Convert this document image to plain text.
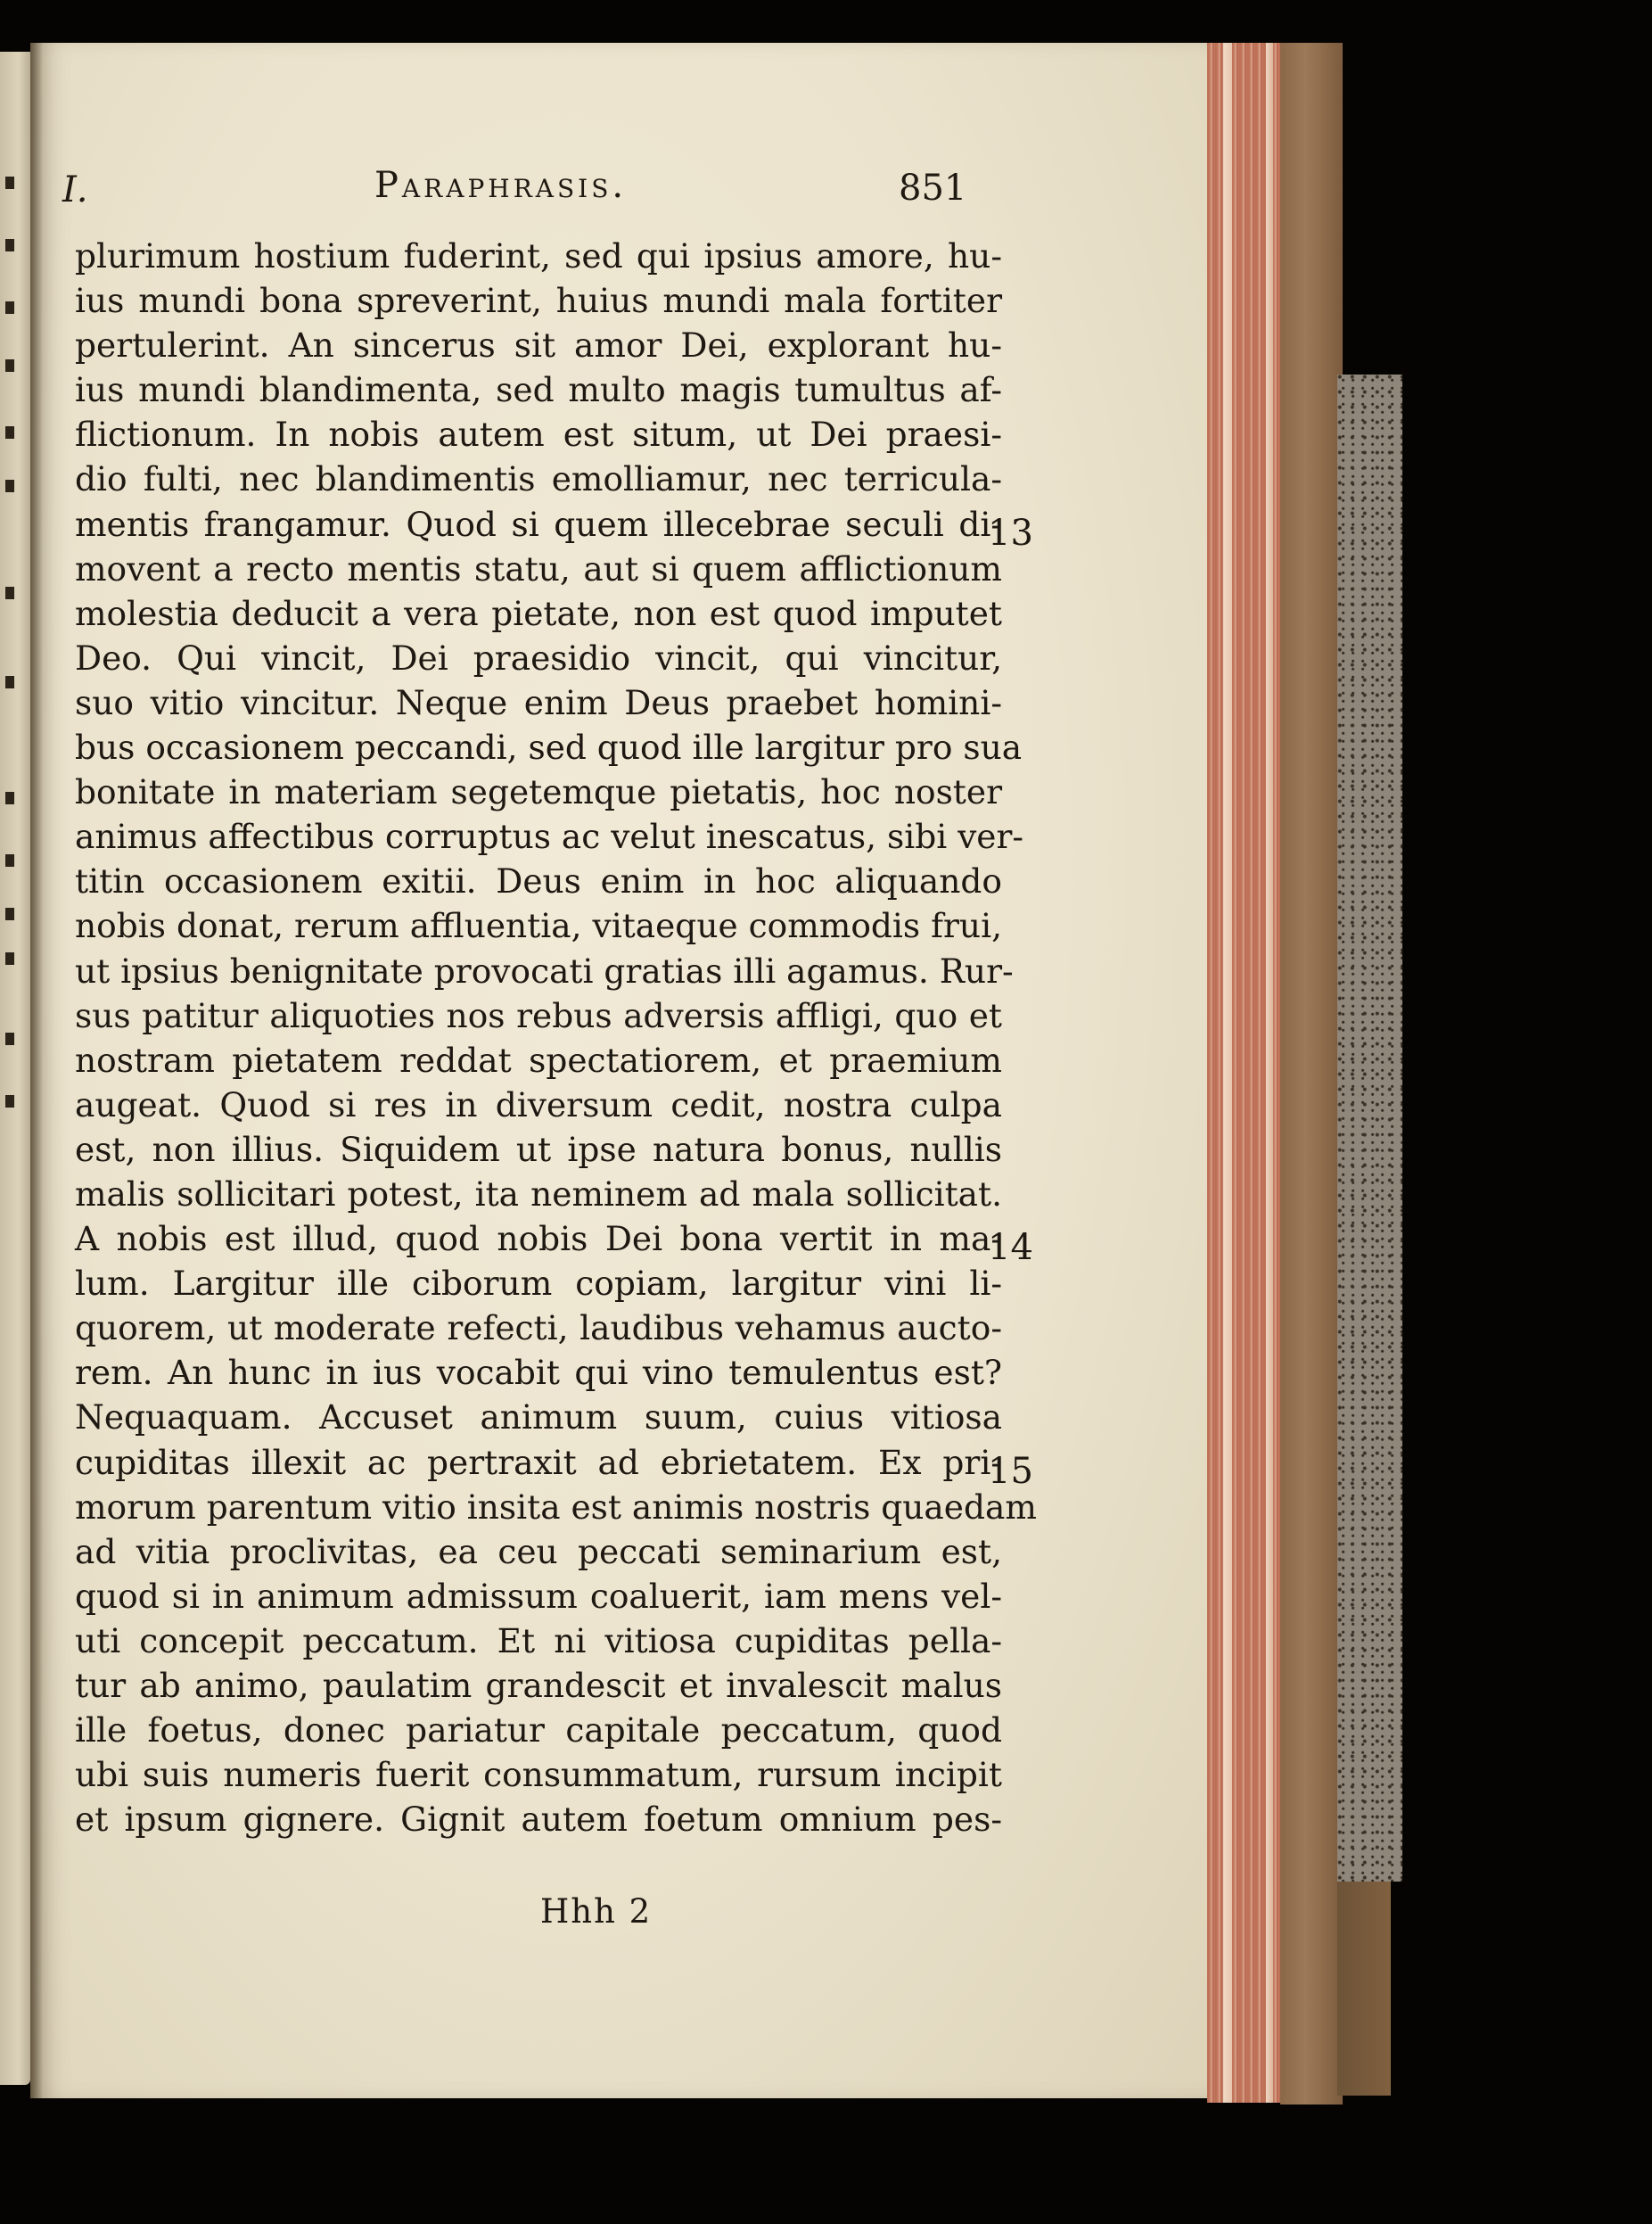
I.	Paraphrasis.	851
plurimum hostium fuderint, sed qui ipsius amore, hu-
ius mundi bona spreverint, huius mundi mala fortiter
pertulerint. An sincerus sit amor Dei, explorant hu-
ius mundi blandimenta, sed multo magis tumultus af-
flictionum. In nobis autem est situm, ut Dei praesi-
dio fulti, nec blandimentis emolliamur, nec terricula-
mentis frangamur. Quod si quem illecebrae seculi di-
movent a recto mentis statu, aut si quem afflictionum
molestia deducit a vera pietate, non est quod imputet
Deo. Qui vincit, Dei praesidio vincit, qui vincitur,
suo vitio vincitur. Neque enim Deus praebet homini-
bus occasionem peccandi, sed quod ille largitur pro sua
bonitate in materiam segetemque pietatis, hoc noster
animus affectibus corruptus ac velut inescatus, sibi ver-
titin occasionem exitii. Deus enim in hoc aliquando
nobis donat, rerum affluentia, vitaeque commodis frui,
ut ipsius benignitate provocati gratias illi agamus. Rur-
sus patitur aliquoties nos rebus adversis affligi, quo et
nostram pietatem reddat spectatiorem, et praemium
augeat. Quod si res in diversum cedit, nostra culpa
est, non illius. Siquidem ut ipse natura bonus, nullis
malis sollicitari potest, ita neminem ad mala sollicitat.
A nobis est illud, quod nobis Dei bona vertit in ma-
lum. Largitur ille ciborum copiam, largitur vini li-
quorem, ut moderate refecti, laudibus vehamus aucto-
rem. An hunc in ius vocabit qui vino temulentus est?
Nequaquam. Accuset animum suum, cuius vitiosa
cupiditas illexit ac pertraxit ad ebrietatem. Ex pri-
morum parentum vitio insita est animis nostris quaedam
ad vitia proclivitas, ea ceu peccati seminarium est,
quod si in animum admissum coaluerit, iam mens vel-
uti concepit peccatum. Et ni vitiosa cupiditas pella-
tur ab animo, paulatim grandescit et invalescit malus
ille foetus, donec pariatur capitale peccatum, quod
ubi suis numeris fuerit consummatum, rursum incipit
et ipsum gignere. Gignit autem foetum omnium pes-
13
14
15
Hhh 2
